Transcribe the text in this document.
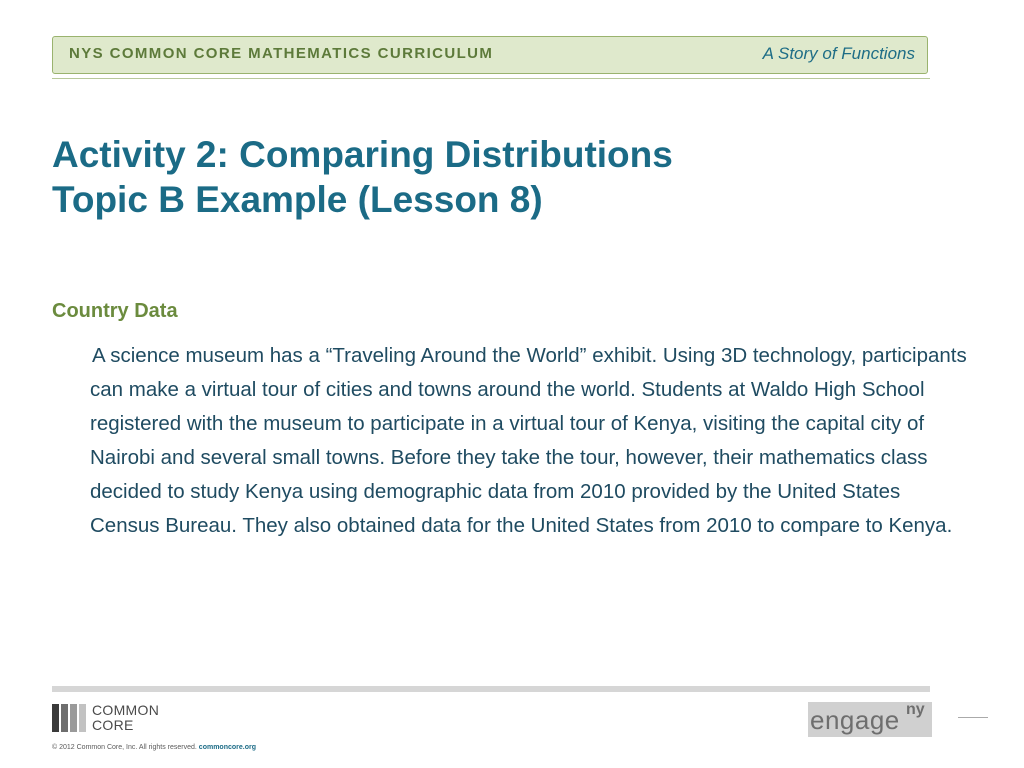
NYS COMMON CORE MATHEMATICS CURRICULUM	A Story of Functions
Activity 2: Comparing Distributions
Topic B Example (Lesson 8)
Country Data

A science museum has a “Traveling Around the World” exhibit. Using 3D technology, participants can make a virtual tour of cities and towns around the world. Students at Waldo High School registered with the museum to participate in a virtual tour of Kenya, visiting the capital city of Nairobi and several small towns. Before they take the tour, however, their mathematics class decided to study Kenya using demographic data from 2010 provided by the United States Census Bureau. They also obtained data for the United States from 2010 to compare to Kenya.

COMMON
CORE
© 2012 Common Core, Inc. All rights reserved. commoncore.org
engage ny
